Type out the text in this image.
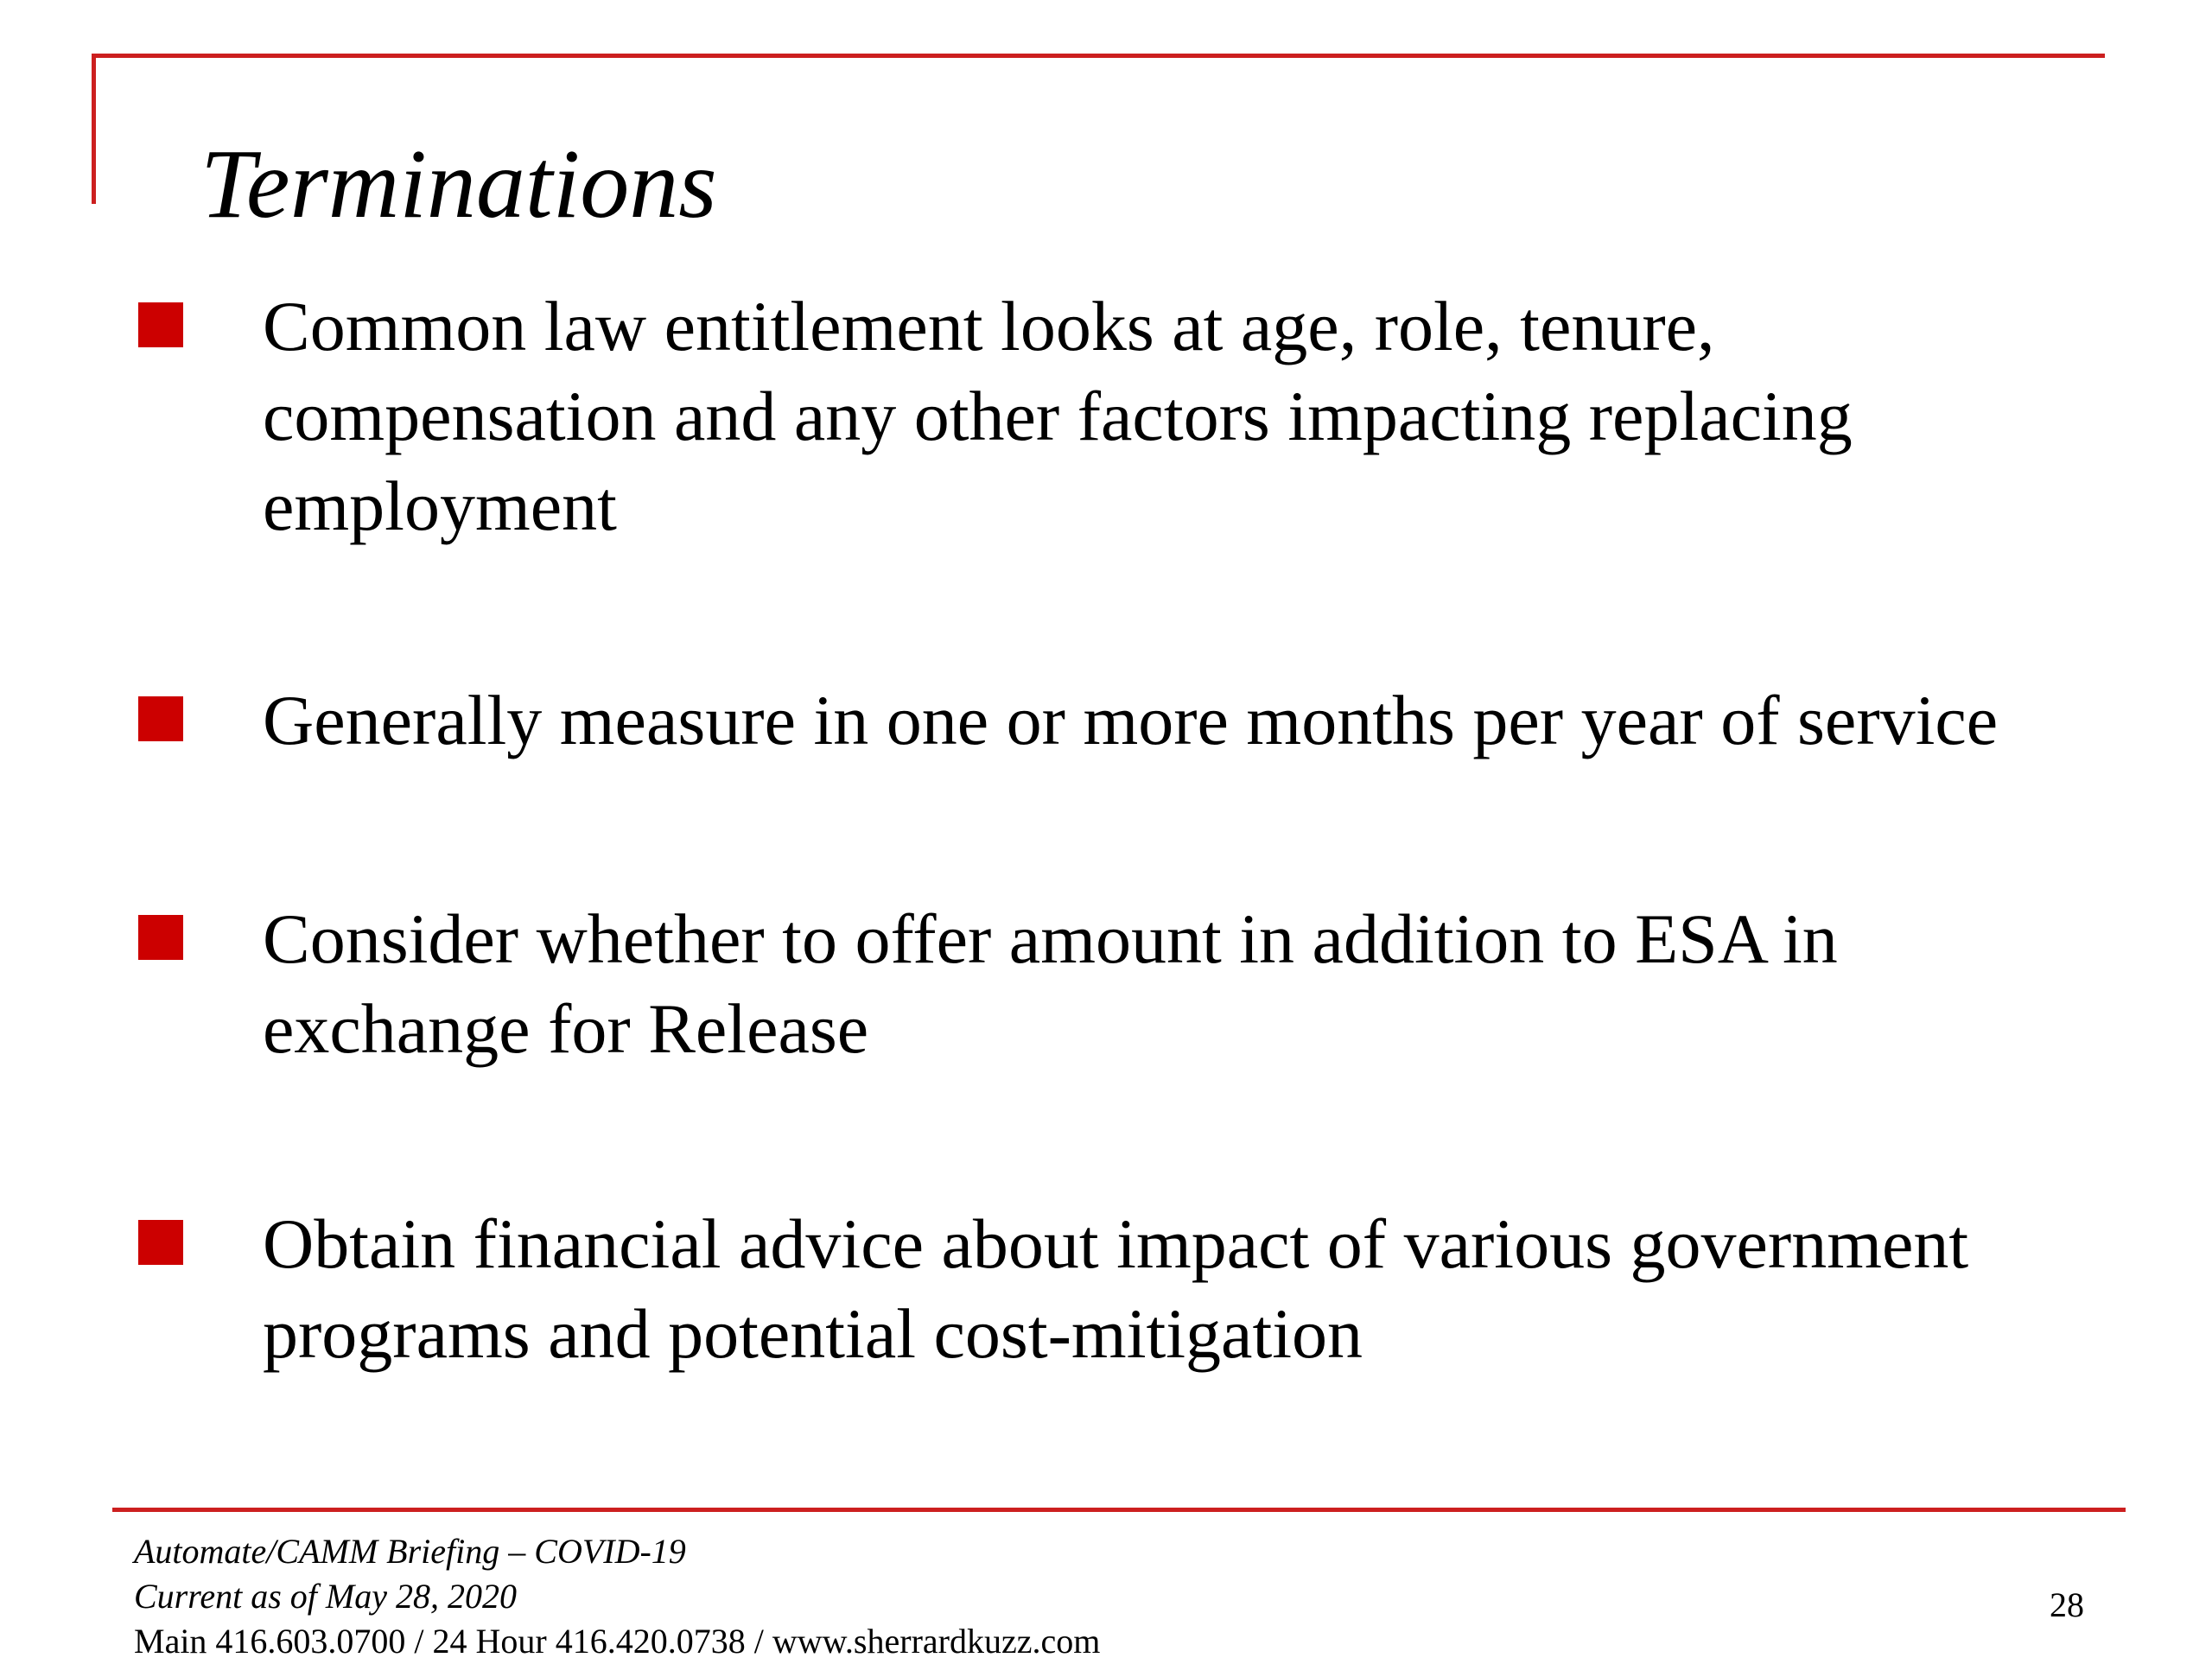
Terminations
Common law entitlement looks at age, role, tenure,
compensation and any other factors impacting replacing
employment
Generally measure in one or more months per year of service
Consider whether to offer amount in addition to ESA in
exchange for Release
Obtain financial advice about impact of various government
programs and potential cost-mitigation
Automate/CAMM Briefing – COVID-19
Current as of May 28, 2020
Main 416.603.0700 / 24 Hour 416.420.0738 / www.sherrardkuzz.com
28
